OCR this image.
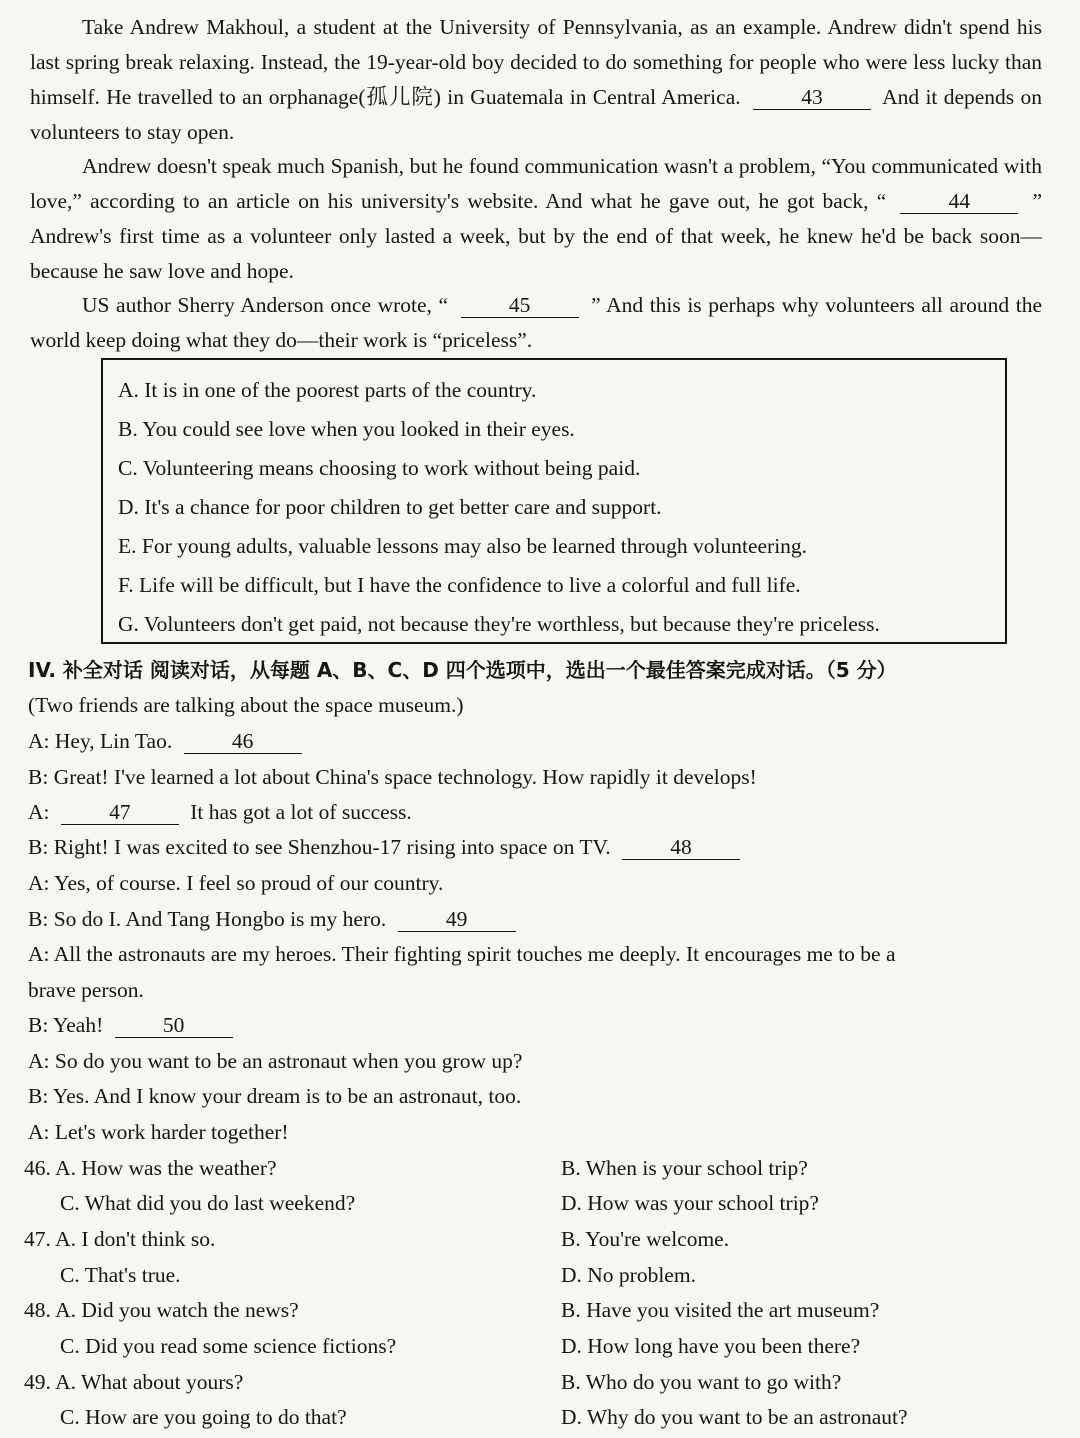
Take Andrew Makhoul, a student at the University of Pennsylvania, as an example. Andrew didn't spend his last spring break relaxing. Instead, the 19-year-old boy decided to do something for people who were less lucky than himself. He travelled to an orphanage(孤儿院) in Guatemala in Central America.	43	And it depends on volunteers to stay open.

Andrew doesn't speak much Spanish, but he found communication wasn't a problem, “You communicated with love,” according to an article on his university's website. And what he gave out, he got back, “	44	” Andrew's first time as a volunteer only lasted a week, but by the end of that week, he knew he'd be back soon—because he saw love and hope.

US author Sherry Anderson once wrote, “	45	” And this is perhaps why volunteers all around the world keep doing what they do—their work is “priceless”.

A. It is in one of the poorest parts of the country.
B. You could see love when you looked in their eyes.
C. Volunteering means choosing to work without being paid.
D. It's a chance for poor children to get better care and support.
E. For young adults, valuable lessons may also be learned through volunteering.
F. Life will be difficult, but I have the confidence to live a colorful and full life.
G. Volunteers don't get paid, not because they're worthless, but because they're priceless.
IV. 补全对话 阅读对话，从每题 A、B、C、D 四个选项中，选出一个最佳答案完成对话。（5 分）
(Two friends are talking about the space museum.)
A: Hey, Lin Tao.	46
B: Great! I've learned a lot about China's space technology. How rapidly it develops!
A:	47	It has got a lot of success.
B: Right! I was excited to see Shenzhou-17 rising into space on TV.	48
A: Yes, of course. I feel so proud of our country.
B: So do I. And Tang Hongbo is my hero.	49
A: All the astronauts are my heroes. Their fighting spirit touches me deeply. It encourages me to be a
brave person.
B: Yeah!	50
A: So do you want to be an astronaut when you grow up?
B: Yes. And I know your dream is to be an astronaut, too.
A: Let's work harder together!
46. A. How was the weather?	B. When is your school trip?
C. What did you do last weekend?	D. How was your school trip?
47. A. I don't think so.	B. You're welcome.
C. That's true.	D. No problem.
48. A. Did you watch the news?	B. Have you visited the art museum?
C. Did you read some science fictions?	D. How long have you been there?
49. A. What about yours?	B. Who do you want to go with?
C. How are you going to do that?	D. Why do you want to be an astronaut?
